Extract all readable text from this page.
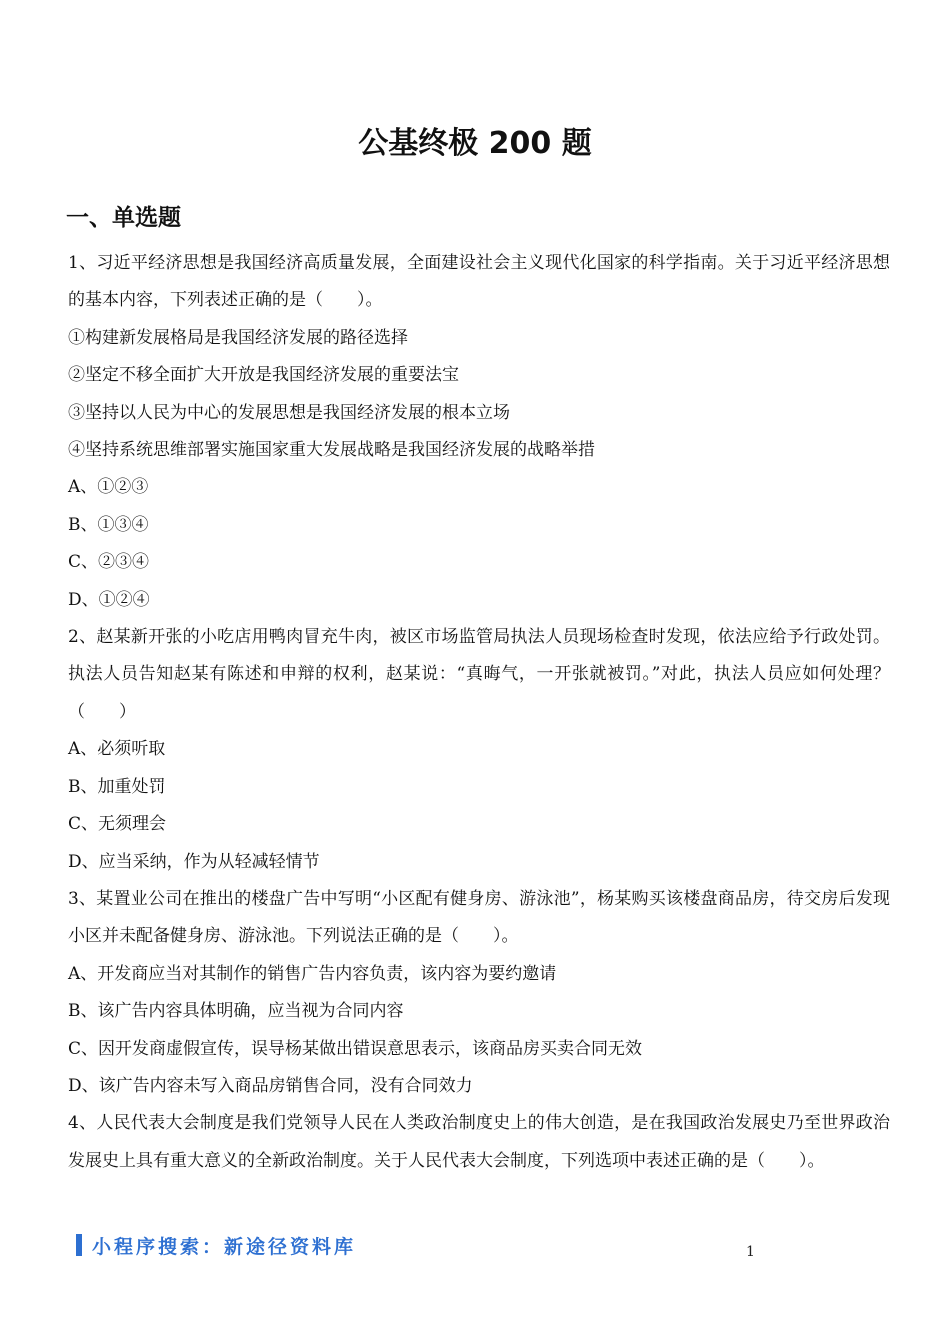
公基终极 200 题
一、单选题

1、习近平经济思想是我国经济高质量发展，全面建设社会主义现代化国家的科学指南。关于习近平经济思想的基本内容，下列表述正确的是（　　）。

①构建新发展格局是我国经济发展的路径选择

②坚定不移全面扩大开放是我国经济发展的重要法宝

③坚持以人民为中心的发展思想是我国经济发展的根本立场

④坚持系统思维部署实施国家重大发展战略是我国经济发展的战略举措

A、①②③

B、①③④

C、②③④

D、①②④

2、赵某新开张的小吃店用鸭肉冒充牛肉，被区市场监管局执法人员现场检查时发现，依法应给予行政处罚。执法人员告知赵某有陈述和申辩的权利，赵某说：“真晦气，一开张就被罚。”对此，执法人员应如何处理？（　　）

A、必须听取

B、加重处罚

C、无须理会

D、应当采纳，作为从轻减轻情节

3、某置业公司在推出的楼盘广告中写明“小区配有健身房、游泳池”，杨某购买该楼盘商品房，待交房后发现小区并未配备健身房、游泳池。下列说法正确的是（　　）。

A、开发商应当对其制作的销售广告内容负责，该内容为要约邀请

B、该广告内容具体明确，应当视为合同内容

C、因开发商虚假宣传，误导杨某做出错误意思表示，该商品房买卖合同无效

D、该广告内容未写入商品房销售合同，没有合同效力

4、人民代表大会制度是我们党领导人民在人类政治制度史上的伟大创造，是在我国政治发展史乃至世界政治发展史上具有重大意义的全新政治制度。关于人民代表大会制度，下列选项中表述正确的是（　　）。

小程序搜索：新途径资料库	1
